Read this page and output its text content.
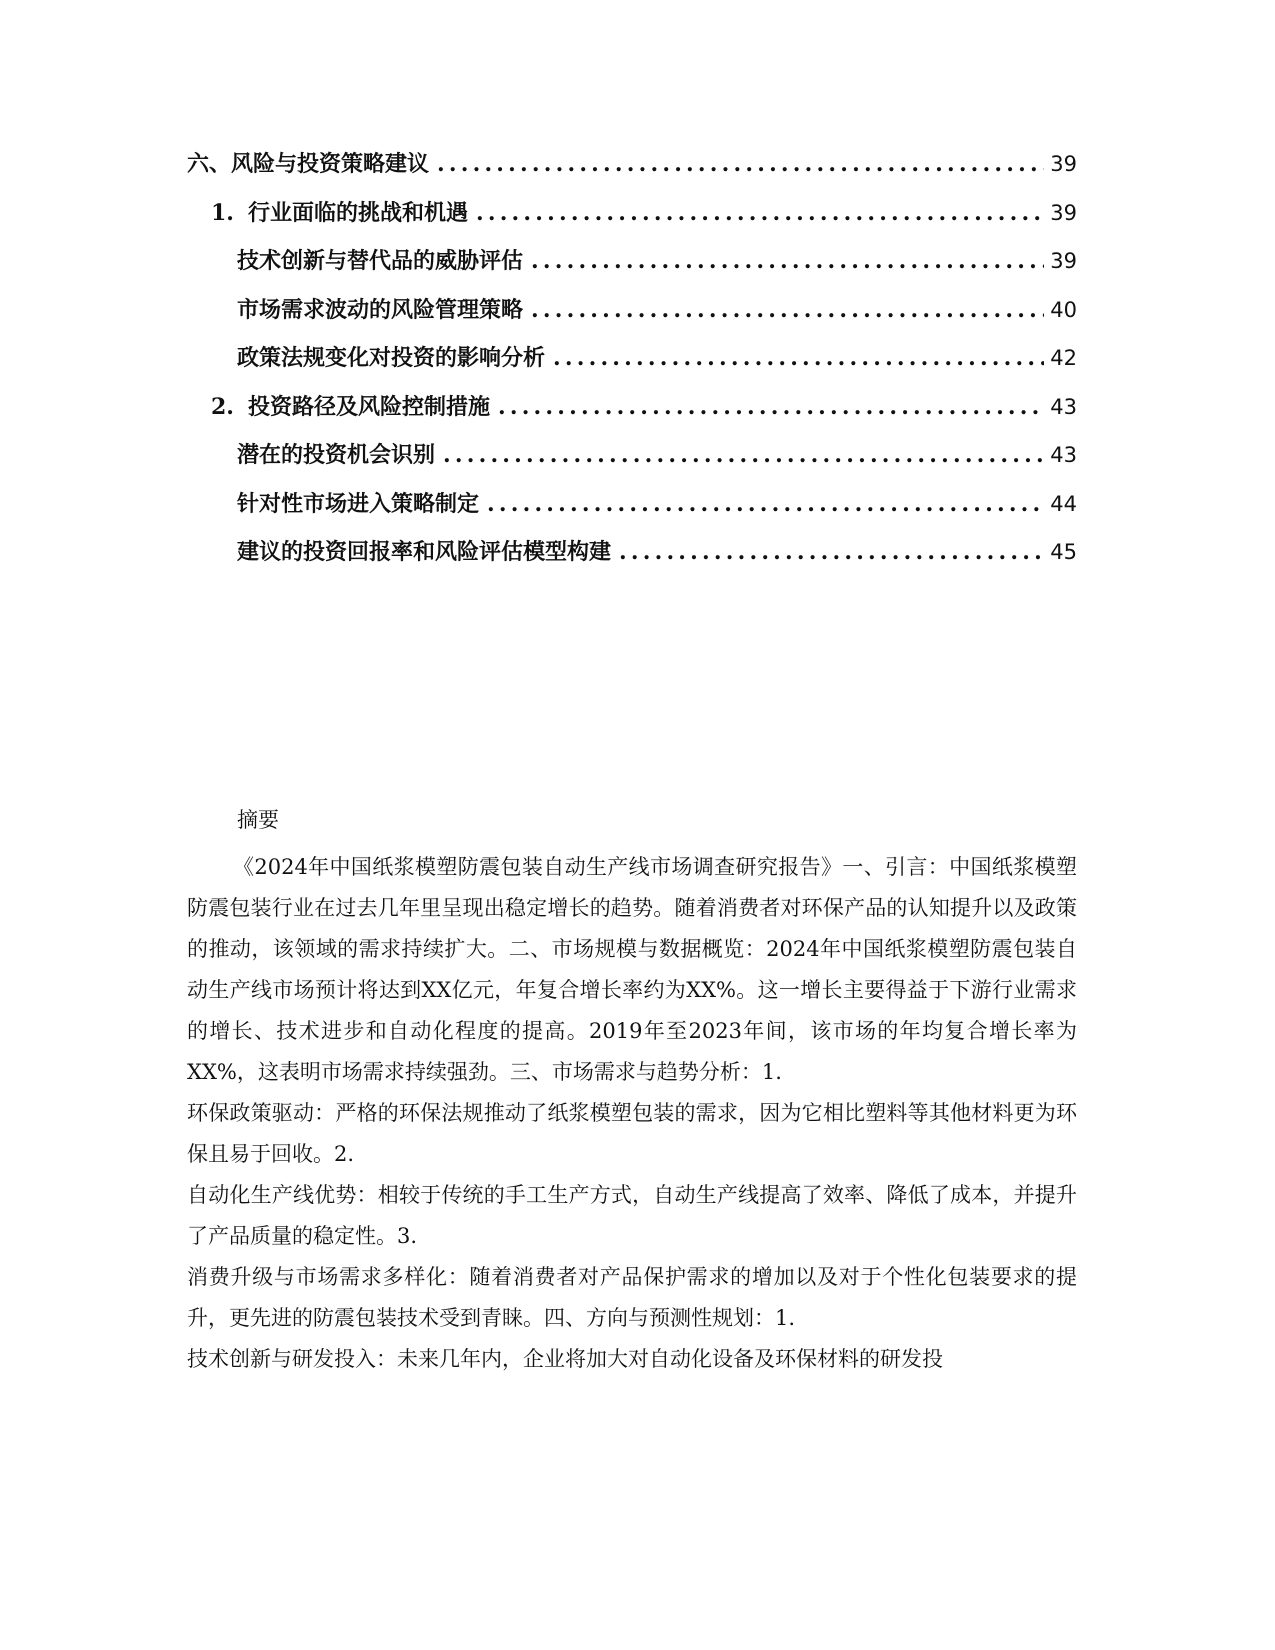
六、风险与投资策略建议 .....	39
1. 行业面临的挑战和机遇 .....	39
技术创新与替代品的威胁评估 .....	39
市场需求波动的风险管理策略 .....	40
政策法规变化对投资的影响分析 .....	42
2. 投资路径及风险控制措施 .....	43
潜在的投资机会识别 .....	43
针对性市场进入策略制定 .....	44
建议的投资回报率和风险评估模型构建 .....	45
摘要

《2024年中国纸浆模塑防震包装自动生产线市场调查研究报告》一、引言：中国纸浆模塑防震包装行业在过去几年里呈现出稳定增长的趋势。随着消费者对环保产品的认知提升以及政策的推动，该领域的需求持续扩大。二、市场规模与数据概览：2024年中国纸浆模塑防震包装自动生产线市场预计将达到XX亿元，年复合增长率约为XX%。这一增长主要得益于下游行业需求的增长、技术进步和自动化程度的提高。2019年至2023年间，该市场的年均复合增长率为XX%，这表明市场需求持续强劲。三、市场需求与趋势分析：1.

环保政策驱动：严格的环保法规推动了纸浆模塑包装的需求，因为它相比塑料等其他材料更为环保且易于回收。2.

自动化生产线优势：相较于传统的手工生产方式，自动生产线提高了效率、降低了成本，并提升了产品质量的稳定性。3.

消费升级与市场需求多样化：随着消费者对产品保护需求的增加以及对于个性化包装要求的提升，更先进的防震包装技术受到青睐。四、方向与预测性规划：1.

技术创新与研发投入：未来几年内，企业将加大对自动化设备及环保材料的研发投
